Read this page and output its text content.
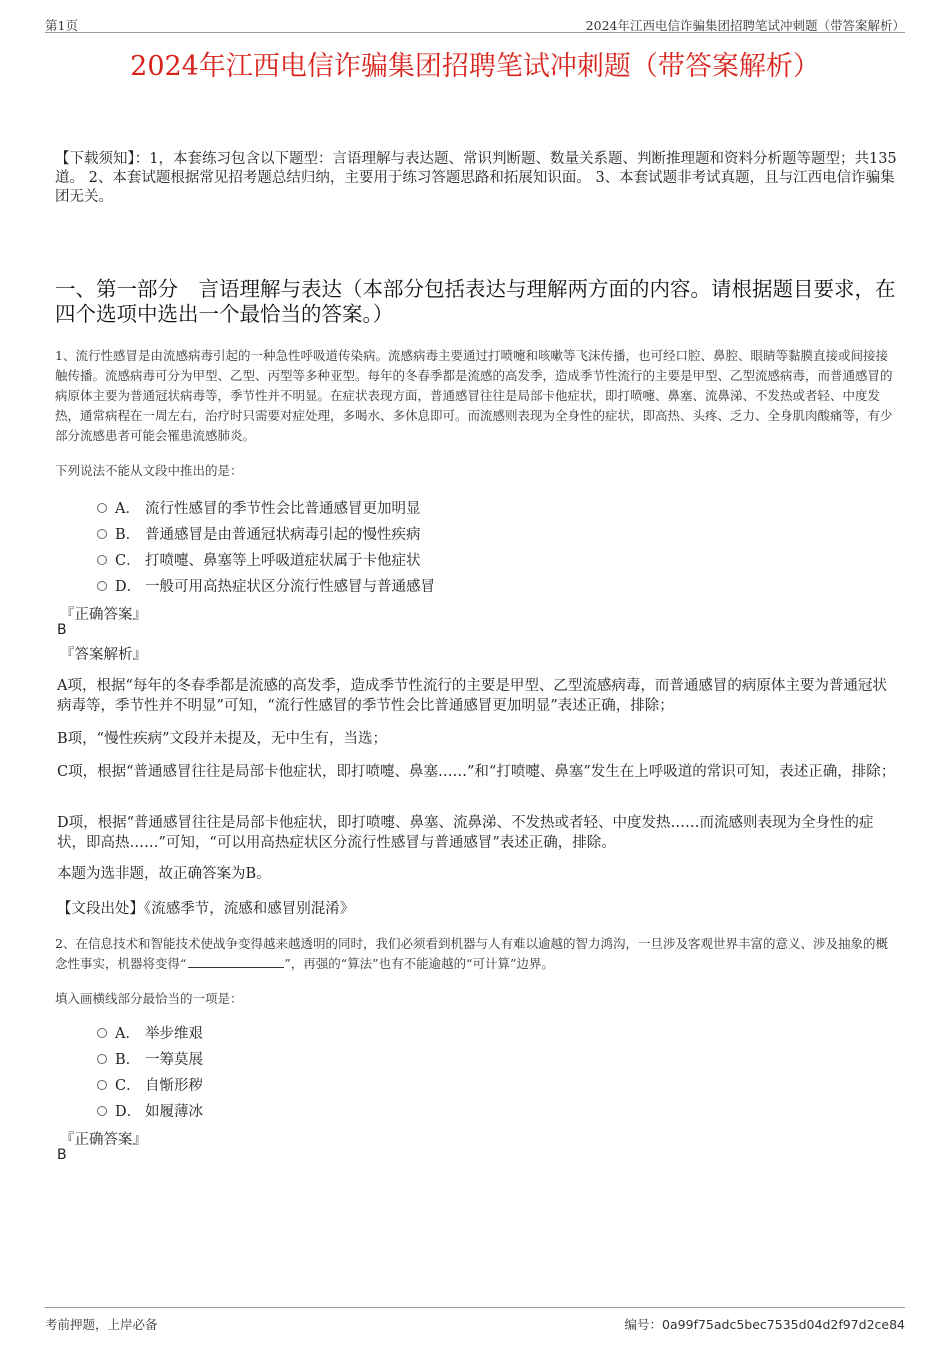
第1页	2024年江西电信诈骗集团招聘笔试冲刺题（带答案解析）
2024年江西电信诈骗集团招聘笔试冲刺题（带答案解析）
【下载须知】：1，本套练习包含以下题型：言语理解与表达题、常识判断题、数量关系题、判断推理题和资料分析题等题型；共135道。 2、本套试题根据常见招考题总结归纳，主要用于练习答题思路和拓展知识面。 3、本套试题非考试真题，且与江西电信诈骗集团无关。
一、第一部分　言语理解与表达（本部分包括表达与理解两方面的内容。请根据题目要求，在四个选项中选出一个最恰当的答案。）
1、流行性感冒是由流感病毒引起的一种急性呼吸道传染病。流感病毒主要通过打喷嚏和咳嗽等飞沫传播，也可经口腔、鼻腔、眼睛等黏膜直接或间接接触传播。流感病毒可分为甲型、乙型、丙型等多种亚型。每年的冬春季都是流感的高发季，造成季节性流行的主要是甲型、乙型流感病毒，而普通感冒的病原体主要为普通冠状病毒等，季节性并不明显。在症状表现方面，普通感冒往往是局部卡他症状，即打喷嚏、鼻塞、流鼻涕、不发热或者轻、中度发热，通常病程在一周左右，治疗时只需要对症处理，多喝水、多休息即可。而流感则表现为全身性的症状，即高热、头疼、乏力、全身肌肉酸痛等，有少部分流感患者可能会罹患流感肺炎。
下列说法不能从文段中推出的是：
A． 流行性感冒的季节性会比普通感冒更加明显
B． 普通感冒是由普通冠状病毒引起的慢性疾病
C． 打喷嚏、鼻塞等上呼吸道症状属于卡他症状
D． 一般可用高热症状区分流行性感冒与普通感冒
『正确答案』
B
『答案解析』
A项，根据“每年的冬春季都是流感的高发季，造成季节性流行的主要是甲型、乙型流感病毒，而普通感冒的病原体主要为普通冠状病毒等，季节性并不明显”可知，“流行性感冒的季节性会比普通感冒更加明显”表述正确，排除；
B项，“慢性疾病”文段并未提及，无中生有，当选；
C项，根据“普通感冒往往是局部卡他症状，即打喷嚏、鼻塞……”和“打喷嚏、鼻塞”发生在上呼吸道的常识可知，表述正确，排除；
D项，根据“普通感冒往往是局部卡他症状，即打喷嚏、鼻塞、流鼻涕、不发热或者轻、中度发热……而流感则表现为全身性的症状，即高热……”可知，“可以用高热症状区分流行性感冒与普通感冒”表述正确，排除。
本题为选非题，故正确答案为B。
【文段出处】《流感季节，流感和感冒别混淆》
2、在信息技术和智能技术使战争变得越来越透明的同时，我们必须看到机器与人有难以逾越的智力鸿沟，一旦涉及客观世界丰富的意义、涉及抽象的概念性事实，机器将变得“	”，再强的“算法”也有不能逾越的“可计算”边界。
填入画横线部分最恰当的一项是：
A． 举步维艰
B． 一筹莫展
C． 自惭形秽
D． 如履薄冰
『正确答案』
B
考前押题，上岸必备	编号：0a99f75adc5bec7535d04d2f97d2ce84
